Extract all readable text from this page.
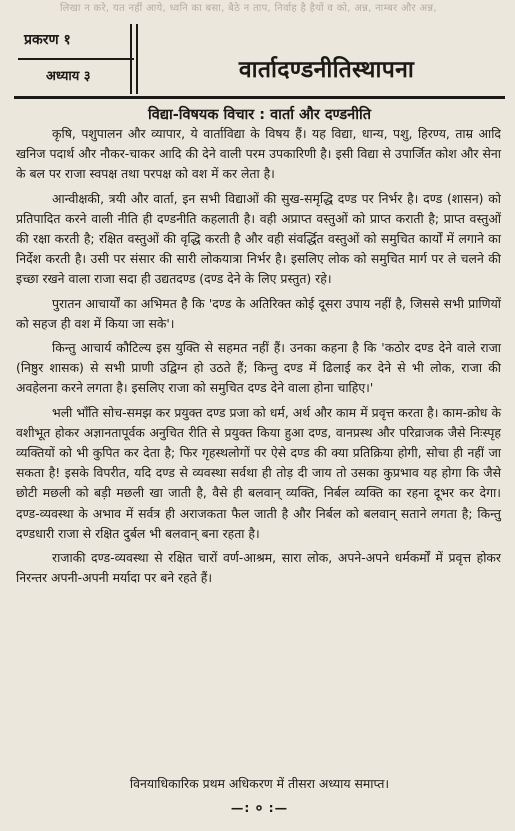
लिखा न करे, यत नहीं आये, ध्वनि का बसा, बैठे न ताप, निर्वाह है हैयों व को, अन्न, नाम्बर और अन्न,
प्रकरण १
अध्याय ३	वार्तादण्डनीतिस्थापना
विद्या-विषयक विचार : वार्ता और दण्डनीति

कृषि, पशुपालन और व्यापार, ये वार्ताविद्या के विषय हैं। यह विद्या, धान्य, पशु, हिरण्य, ताम्र आदि खनिज पदार्थ और नौकर-चाकर आदि की देने वाली परम उपकारिणी है। इसी विद्या से उपार्जित कोश और सेना के बल पर राजा स्वपक्ष तथा परपक्ष को वश में कर लेता है।

आन्वीक्षकी, त्रयी और वार्ता, इन सभी विद्याओं की सुख-समृद्धि दण्ड पर निर्भर है। दण्ड (शासन) को प्रतिपादित करने वाली नीति ही दण्डनीति कहलाती है। वही अप्राप्त वस्तुओं को प्राप्त कराती है; प्राप्त वस्तुओं की रक्षा करती है; रक्षित वस्तुओं की वृद्धि करती है और वही संवर्द्धित वस्तुओं को समुचित कार्यों में लगाने का निर्देश करती है। उसी पर संसार की सारी लोकयात्रा निर्भर है। इसलिए लोक को समुचित मार्ग पर ले चलने की इच्छा रखने वाला राजा सदा ही उद्यतदण्ड (दण्ड देने के लिए प्रस्तुत) रहे।

पुरातन आचार्यों का अभिमत है कि 'दण्ड के अतिरिक्त कोई दूसरा उपाय नहीं है, जिससे सभी प्राणियों को सहज ही वश में किया जा सके'।

किन्तु आचार्य कौटिल्य इस युक्ति से सहमत नहीं हैं। उनका कहना है कि 'कठोर दण्ड देने वाले राजा (निष्ठुर शासक) से सभी प्राणी उद्विग्न हो उठते हैं; किन्तु दण्ड में ढिलाई कर देने से भी लोक, राजा की अवहेलना करने लगता है। इसलिए राजा को समुचित दण्ड देने वाला होना चाहिए।'

भली भाँति सोच-समझ कर प्रयुक्त दण्ड प्रजा को धर्म, अर्थ और काम में प्रवृत्त करता है। काम-क्रोध के वशीभूत होकर अज्ञानतापूर्वक अनुचित रीति से प्रयुक्त किया हुआ दण्ड, वानप्रस्थ और परिव्राजक जैसे निःस्पृह व्यक्तियों को भी कुपित कर देता है; फिर गृहस्थलोगों पर ऐसे दण्ड की क्या प्रतिक्रिया होगी, सोचा ही नहीं जा सकता है! इसके विपरीत, यदि दण्ड से व्यवस्था सर्वथा ही तोड़ दी जाय तो उसका कुप्रभाव यह होगा कि जैसे छोटी मछली को बड़ी मछली खा जाती है, वैसे ही बलवान् व्यक्ति, निर्बल व्यक्ति का रहना दूभर कर देगा। दण्ड-व्यवस्था के अभाव में सर्वत्र ही अराजकता फैल जाती है और निर्बल को बलवान् सताने लगता है; किन्तु दण्डधारी राजा से रक्षित दुर्बल भी बलवान् बना रहता है।

राजाकी दण्ड-व्यवस्था से रक्षित चारों वर्ण-आश्रम, सारा लोक, अपने-अपने धर्मकर्मों में प्रवृत्त होकर निरन्तर अपनी-अपनी मर्यादा पर बने रहते हैं।

विनयाधिकारिक प्रथम अधिकरण में तीसरा अध्याय समाप्त।
—: ० :—
